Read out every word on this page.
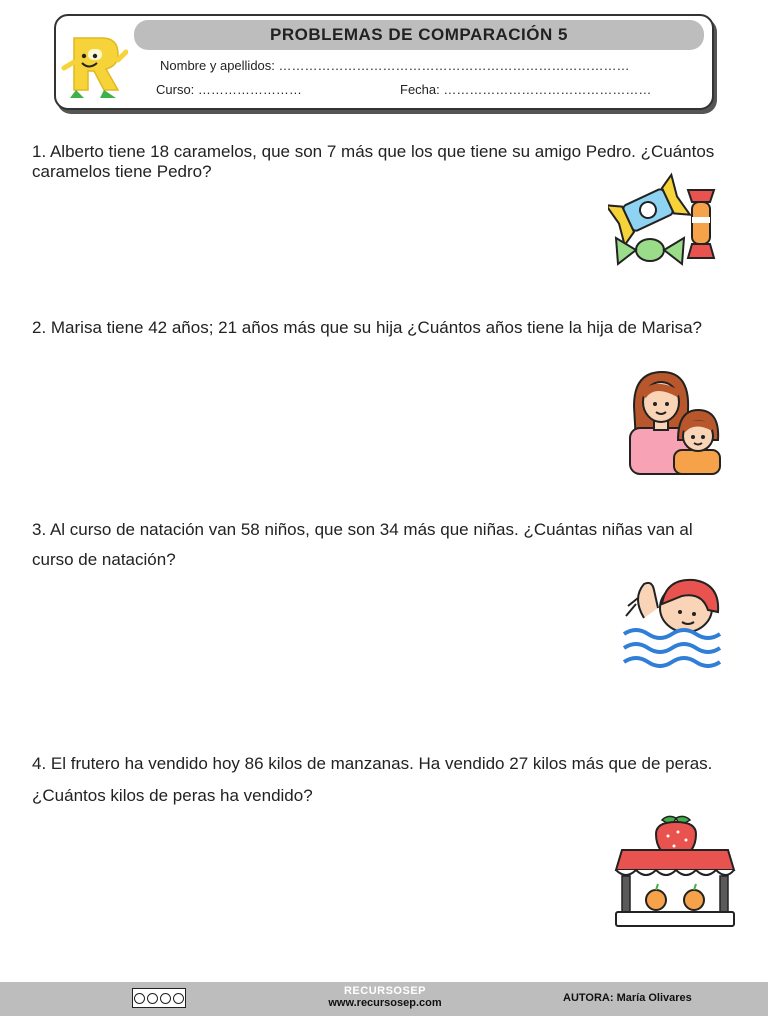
PROBLEMAS DE COMPARACIÓN 5
Nombre y apellidos: ………………………………………………………………………
Curso: ……………………	Fecha: …………………………………………
1. Alberto tiene 18 caramelos, que son 7 más que los que tiene su amigo Pedro. ¿Cuántos caramelos tiene Pedro?
2. Marisa tiene 42 años; 21 años más que su hija ¿Cuántos años tiene la hija de Marisa?
3. Al curso de natación van 58 niños, que son 34 más que niñas. ¿Cuántas niñas van al curso de natación?
4. El frutero ha vendido hoy 86 kilos de manzanas. Ha vendido 27 kilos más que de peras. ¿Cuántos kilos de peras ha vendido?
RECURSOSEP
www.recursosep.com	AUTORA: María Olivares
